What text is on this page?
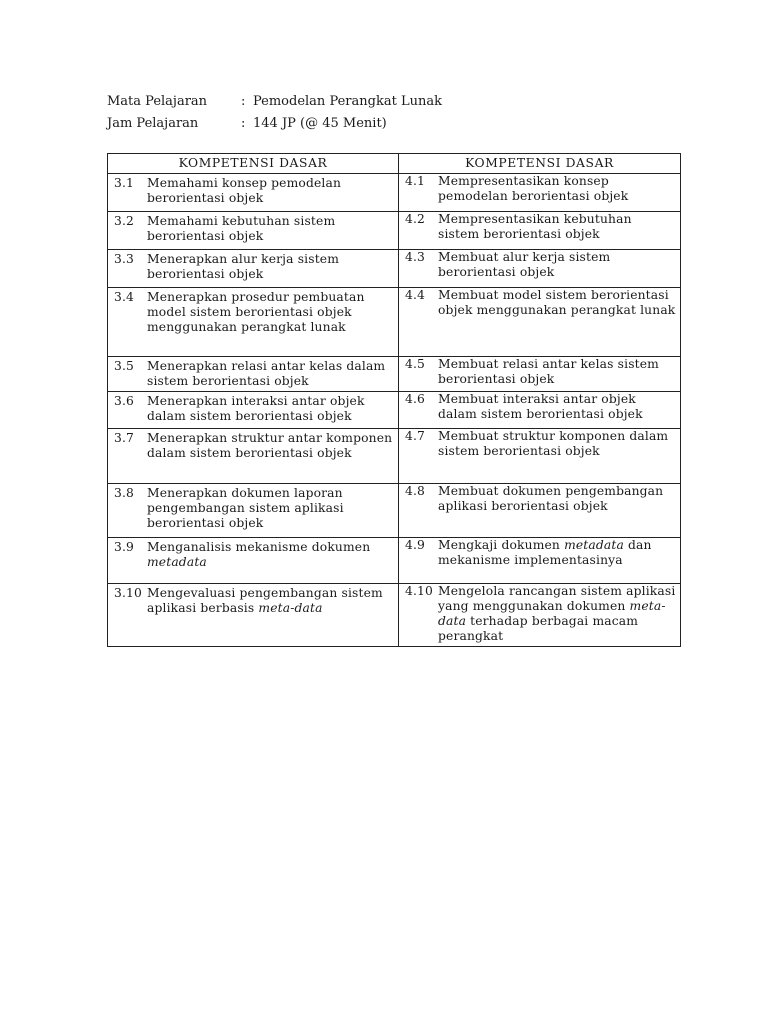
Mata Pelajaran	: Pemodelan Perangkat Lunak
Jam Pelajaran	: 144 JP (@ 45 Menit)
KOMPETENSI DASAR	KOMPETENSI DASAR

3.1 Memahami konsep pemodelan berorientasi objek	4.1 Mempresentasikan konsep pemodelan berorientasi objek

3.2 Memahami kebutuhan sistem berorientasi objek	4.2 Mempresentasikan kebutuhan sistem berorientasi objek

3.3 Menerapkan alur kerja sistem berorientasi objek	4.3 Membuat alur kerja sistem berorientasi objek

3.4 Menerapkan prosedur pembuatan model sistem berorientasi objek menggunakan perangkat lunak	4.4 Membuat model sistem berorientasi objek menggunakan perangkat lunak

3.5 Menerapkan relasi antar kelas dalam sistem berorientasi objek	4.5 Membuat relasi antar kelas sistem berorientasi objek

3.6 Menerapkan interaksi antar objek dalam sistem berorientasi objek	4.6 Membuat interaksi antar objek dalam sistem berorientasi objek

3.7 Menerapkan struktur antar komponen dalam sistem berorientasi objek	4.7 Membuat struktur komponen dalam sistem berorientasi objek

3.8 Menerapkan dokumen laporan pengembangan sistem aplikasi berorientasi objek	4.8 Membuat dokumen pengembangan aplikasi berorientasi objek

3.9 Menganalisis mekanisme dokumen metadata	4.9 Mengkaji dokumen metadata dan mekanisme implementasinya

3.10 Mengevaluasi pengembangan sistem aplikasi berbasis meta-data	4.10 Mengelola rancangan sistem aplikasi yang menggunakan dokumen meta-data terhadap berbagai macam perangkat
